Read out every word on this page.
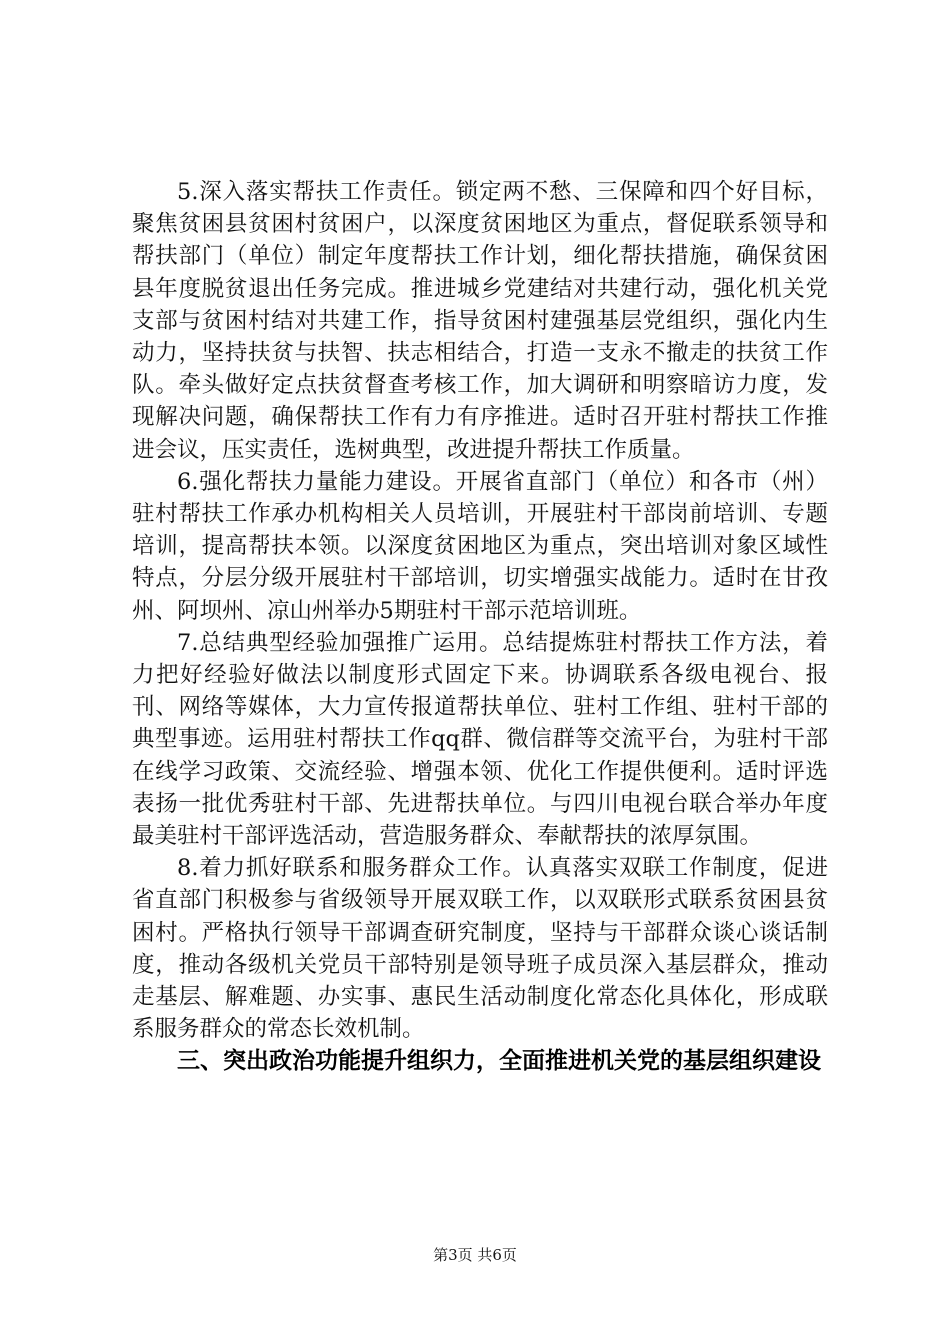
5.深入落实帮扶工作责任。锁定两不愁、三保障和四个好目标，聚焦贫困县贫困村贫困户，以深度贫困地区为重点，督促联系领导和帮扶部门（单位）制定年度帮扶工作计划，细化帮扶措施，确保贫困县年度脱贫退出任务完成。推进城乡党建结对共建行动，强化机关党支部与贫困村结对共建工作，指导贫困村建强基层党组织，强化内生动力，坚持扶贫与扶智、扶志相结合，打造一支永不撤走的扶贫工作队。牵头做好定点扶贫督查考核工作，加大调研和明察暗访力度，发现解决问题，确保帮扶工作有力有序推进。适时召开驻村帮扶工作推进会议，压实责任，选树典型，改进提升帮扶工作质量。

6.强化帮扶力量能力建设。开展省直部门（单位）和各市（州）驻村帮扶工作承办机构相关人员培训，开展驻村干部岗前培训、专题培训，提高帮扶本领。以深度贫困地区为重点，突出培训对象区域性特点，分层分级开展驻村干部培训，切实增强实战能力。适时在甘孜州、阿坝州、凉山州举办5期驻村干部示范培训班。

7.总结典型经验加强推广运用。总结提炼驻村帮扶工作方法，着力把好经验好做法以制度形式固定下来。协调联系各级电视台、报刊、网络等媒体，大力宣传报道帮扶单位、驻村工作组、驻村干部的典型事迹。运用驻村帮扶工作qq群、微信群等交流平台，为驻村干部在线学习政策、交流经验、增强本领、优化工作提供便利。适时评选表扬一批优秀驻村干部、先进帮扶单位。与四川电视台联合举办年度最美驻村干部评选活动，营造服务群众、奉献帮扶的浓厚氛围。

8.着力抓好联系和服务群众工作。认真落实双联工作制度，促进省直部门积极参与省级领导开展双联工作，以双联形式联系贫困县贫困村。严格执行领导干部调查研究制度，坚持与干部群众谈心谈话制度，推动各级机关党员干部特别是领导班子成员深入基层群众，推动走基层、解难题、办实事、惠民生活动制度化常态化具体化，形成联系服务群众的常态长效机制。

三、突出政治功能提升组织力，全面推进机关党的基层组织建设

第3页 共6页
